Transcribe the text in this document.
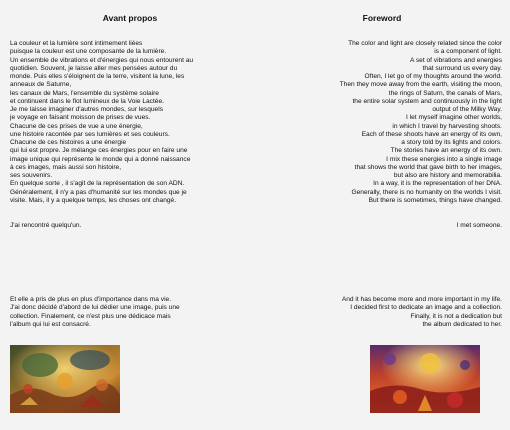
Avant propos
La couleur et la lumière sont intimement liées
puisque la couleur est une composante de la lumière.
Un ensemble de vibrations et d'énergies qui nous entourent au
quotidien. Souvent, je laisse aller mes pensées autour du
monde. Puis elles s'éloignent de la terre, visitent la lune, les
anneaux de Saturne,
les canaux de Mars, l'ensemble du système solaire
et continuent dans le flot lumineux de la Voie Lactée.
Je me laisse imaginer d'autres mondes, sur lesquels
je voyage en faisant moisson de prises de vues.
Chacune de ces prises de vue a une énergie,
une histoire racontée par ses lumières et ses couleurs.
Chacune de ces histoires a une énergie
qui lui est propre. Je mélange ces énergies pour en faire une
image unique qui représente le monde qui a donné naissance
à ces images, mais aussi son histoire,
ses souvenirs.
En quelque sorte , il s'agit de la représentation de son ADN.
Généralement, il n'y a pas d'humanité sur les mondes que je
visite. Mais, il y a quelque temps, les choses ont changé.
J'ai rencontré quelqu'un.
Et elle a pris de plus en plus d'importance dans ma vie.
J'ai donc décidé d'abord de lui dédier une image, puis une
collection. Finalement, ce n'est plus une dédicace mais
l'album qui lui est consacré.
Foreword
The color and light are closely related since the color
is a component of light.
A set of vibrations and energies
that surround us every day.
Often, I let go of my thoughts around the world.
Then they move away from the earth, visiting the moon,
the rings of Saturn, the canals of Mars,
the entire solar system and continuously in the light
output of the Milky Way.
I let myself imagine other worlds,
in which I travel by harvesting shoots.
Each of these shoots have an energy of its own,
a story told by its lights and colors.
The stories have an energy of its own.
I mix these energies into a single image
that shows the world that gave birth to her images,
but also are history and memorabilia.
In a way, it is the representation of her DNA.
Generally, there is no humanity on the worlds I visit.
But there is sometimes, things have changed.
I met someone.
And it has become more and more important in my life.
I decided first to dedicate an image and a collection.
Finally, it is not a dedication but
the album dedicated to her.
